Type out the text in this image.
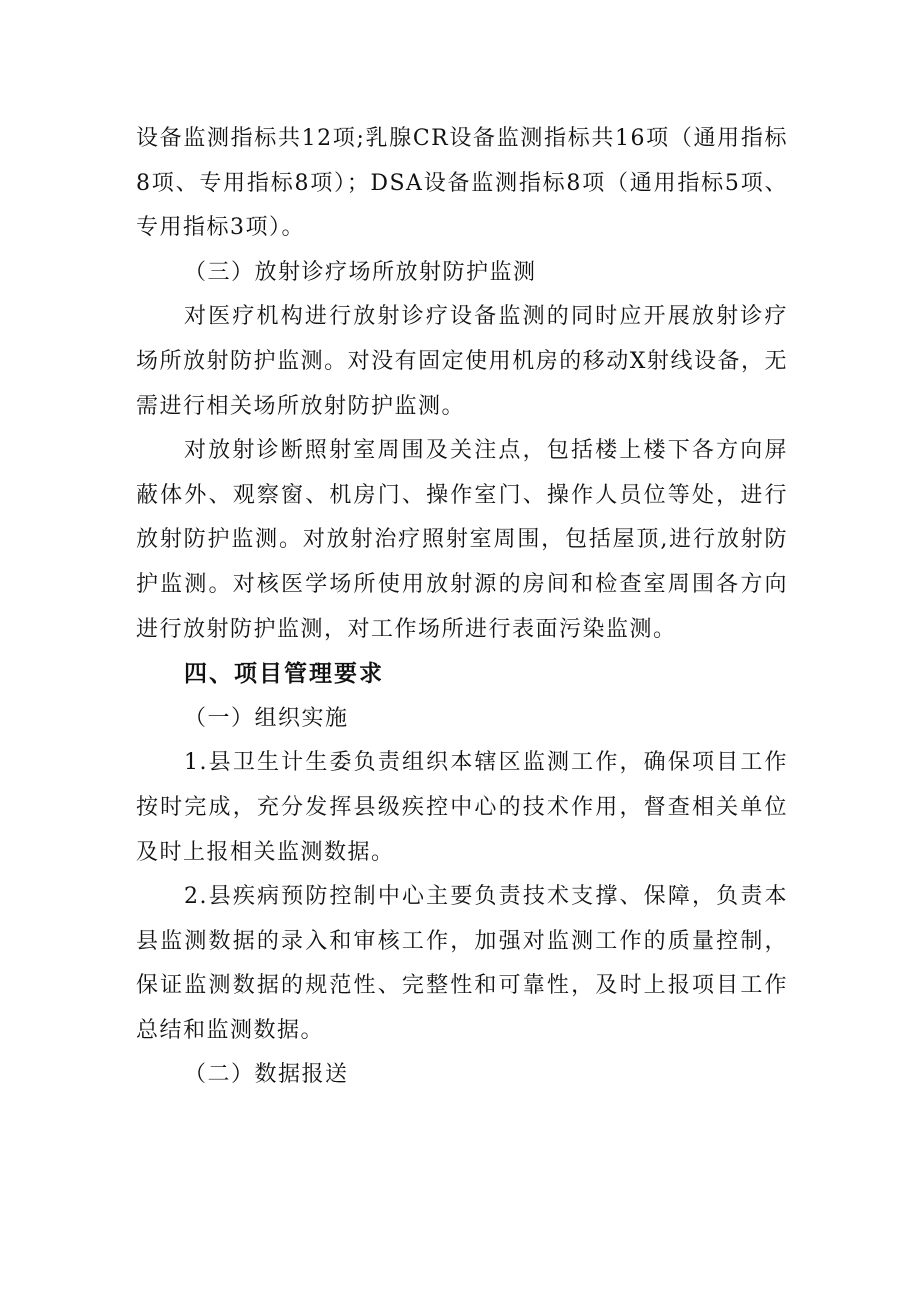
设备监测指标共12项;乳腺CR设备监测指标共16项（通用指标8项、专用指标8项）；DSA设备监测指标8项（通用指标5项、专用指标3项）。

（三）放射诊疗场所放射防护监测

对医疗机构进行放射诊疗设备监测的同时应开展放射诊疗场所放射防护监测。对没有固定使用机房的移动X射线设备，无需进行相关场所放射防护监测。

对放射诊断照射室周围及关注点，包括楼上楼下各方向屏蔽体外、观察窗、机房门、操作室门、操作人员位等处，进行放射防护监测。对放射治疗照射室周围，包括屋顶,进行放射防护监测。对核医学场所使用放射源的房间和检查室周围各方向进行放射防护监测，对工作场所进行表面污染监测。

四、项目管理要求

（一）组织实施

1.县卫生计生委负责组织本辖区监测工作，确保项目工作按时完成，充分发挥县级疾控中心的技术作用，督查相关单位及时上报相关监测数据。

2.县疾病预防控制中心主要负责技术支撑、保障，负责本县监测数据的录入和审核工作，加强对监测工作的质量控制，保证监测数据的规范性、完整性和可靠性，及时上报项目工作总结和监测数据。

（二）数据报送
